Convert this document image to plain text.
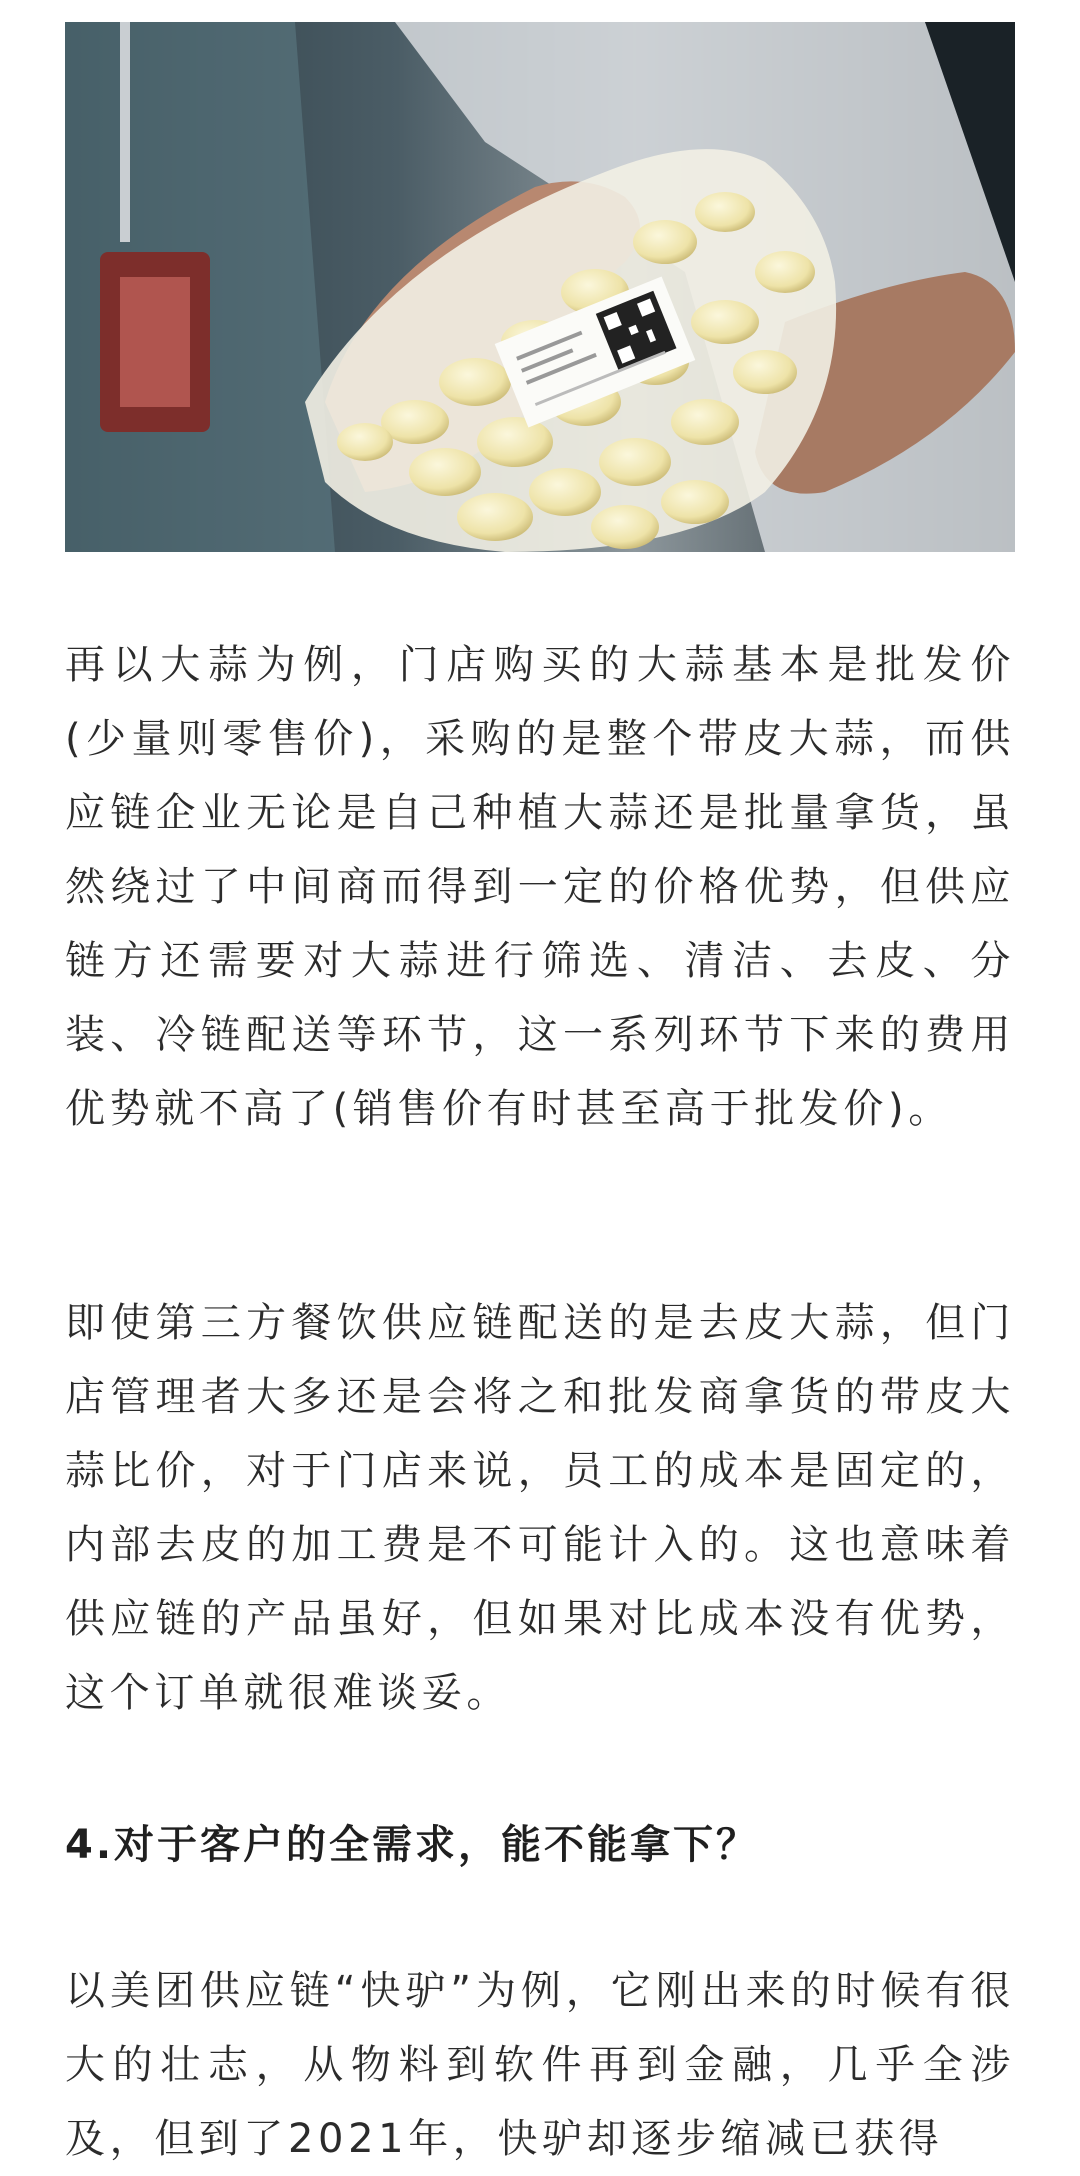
再以大蒜为例，门店购买的大蒜基本是批发价(少量则零售价)，采购的是整个带皮大蒜，而供应链企业无论是自己种植大蒜还是批量拿货，虽然绕过了中间商而得到一定的价格优势，但供应链方还需要对大蒜进行筛选、清洁、去皮、分装、冷链配送等环节，这一系列环节下来的费用优势就不高了(销售价有时甚至高于批发价)。

即使第三方餐饮供应链配送的是去皮大蒜，但门店管理者大多还是会将之和批发商拿货的带皮大蒜比价，对于门店来说，员工的成本是固定的，内部去皮的加工费是不可能计入的。这也意味着供应链的产品虽好，但如果对比成本没有优势，这个订单就很难谈妥。

4.对于客户的全需求，能不能拿下？

以美团供应链“快驴”为例，它刚出来的时候有很大的壮志，从物料到软件再到金融，几乎全涉及，但到了2021年，快驴却逐步缩减已获得
